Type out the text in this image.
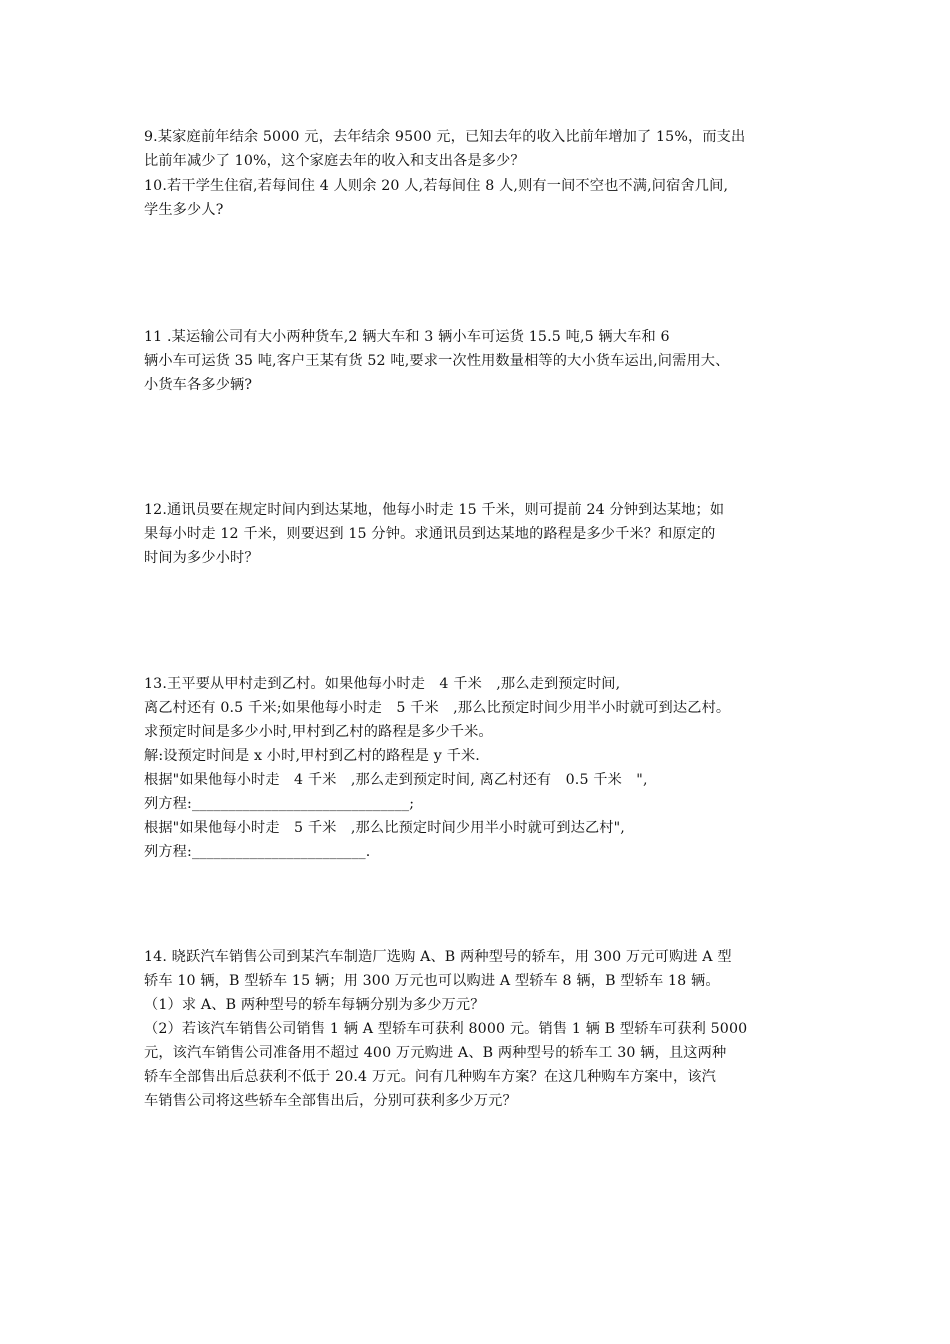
9.某家庭前年结余 5000 元，去年结余 9500 元，已知去年的收入比前年增加了 15%，而支出
比前年减少了 10%，这个家庭去年的收入和支出各是多少？
10.若干学生住宿,若每间住 4 人则余 20 人,若每间住 8 人,则有一间不空也不满,问宿舍几间,
学生多少人?
11 .某运输公司有大小两种货车,2 辆大车和 3 辆小车可运货 15.5 吨,5 辆大车和 6
辆小车可运货 35 吨,客户王某有货 52 吨,要求一次性用数量相等的大小货车运出,问需用大、
小货车各多少辆?
12.通讯员要在规定时间内到达某地，他每小时走 15 千米，则可提前 24 分钟到达某地；如
果每小时走 12 千米，则要迟到 15 分钟。求通讯员到达某地的路程是多少千米？和原定的
时间为多少小时？
13.王平要从甲村走到乙村。如果他每小时走　4 千米　,那么走到预定时间,
离乙村还有 0.5 千米;如果他每小时走　5 千米　,那么比预定时间少用半小时就可到达乙村。
求预定时间是多少小时,甲村到乙村的路程是多少千米。
解:设预定时间是 x 小时,甲村到乙村的路程是 y 千米.
根据"如果他每小时走　4 千米　,那么走到预定时间, 离乙村还有　0.5 千米　",
列方程:______________________________;
根据"如果他每小时走　5 千米　,那么比预定时间少用半小时就可到达乙村",
列方程:________________________.
14. 晓跃汽车销售公司到某汽车制造厂选购 A、B 两种型号的轿车，用 300 万元可购进 A 型
轿车 10 辆，B 型轿车 15 辆；用 300 万元也可以购进 A 型轿车 8 辆，B 型轿车 18 辆。
（1）求 A、B 两种型号的轿车每辆分别为多少万元？
（2）若该汽车销售公司销售 1 辆 A 型轿车可获利 8000 元。销售 1 辆 B 型轿车可获利 5000
元，该汽车销售公司准备用不超过 400 万元购进 A、B 两种型号的轿车工 30 辆，且这两种
轿车全部售出后总获利不低于 20.4 万元。问有几种购车方案？在这几种购车方案中，该汽
车销售公司将这些轿车全部售出后，分别可获利多少万元？
